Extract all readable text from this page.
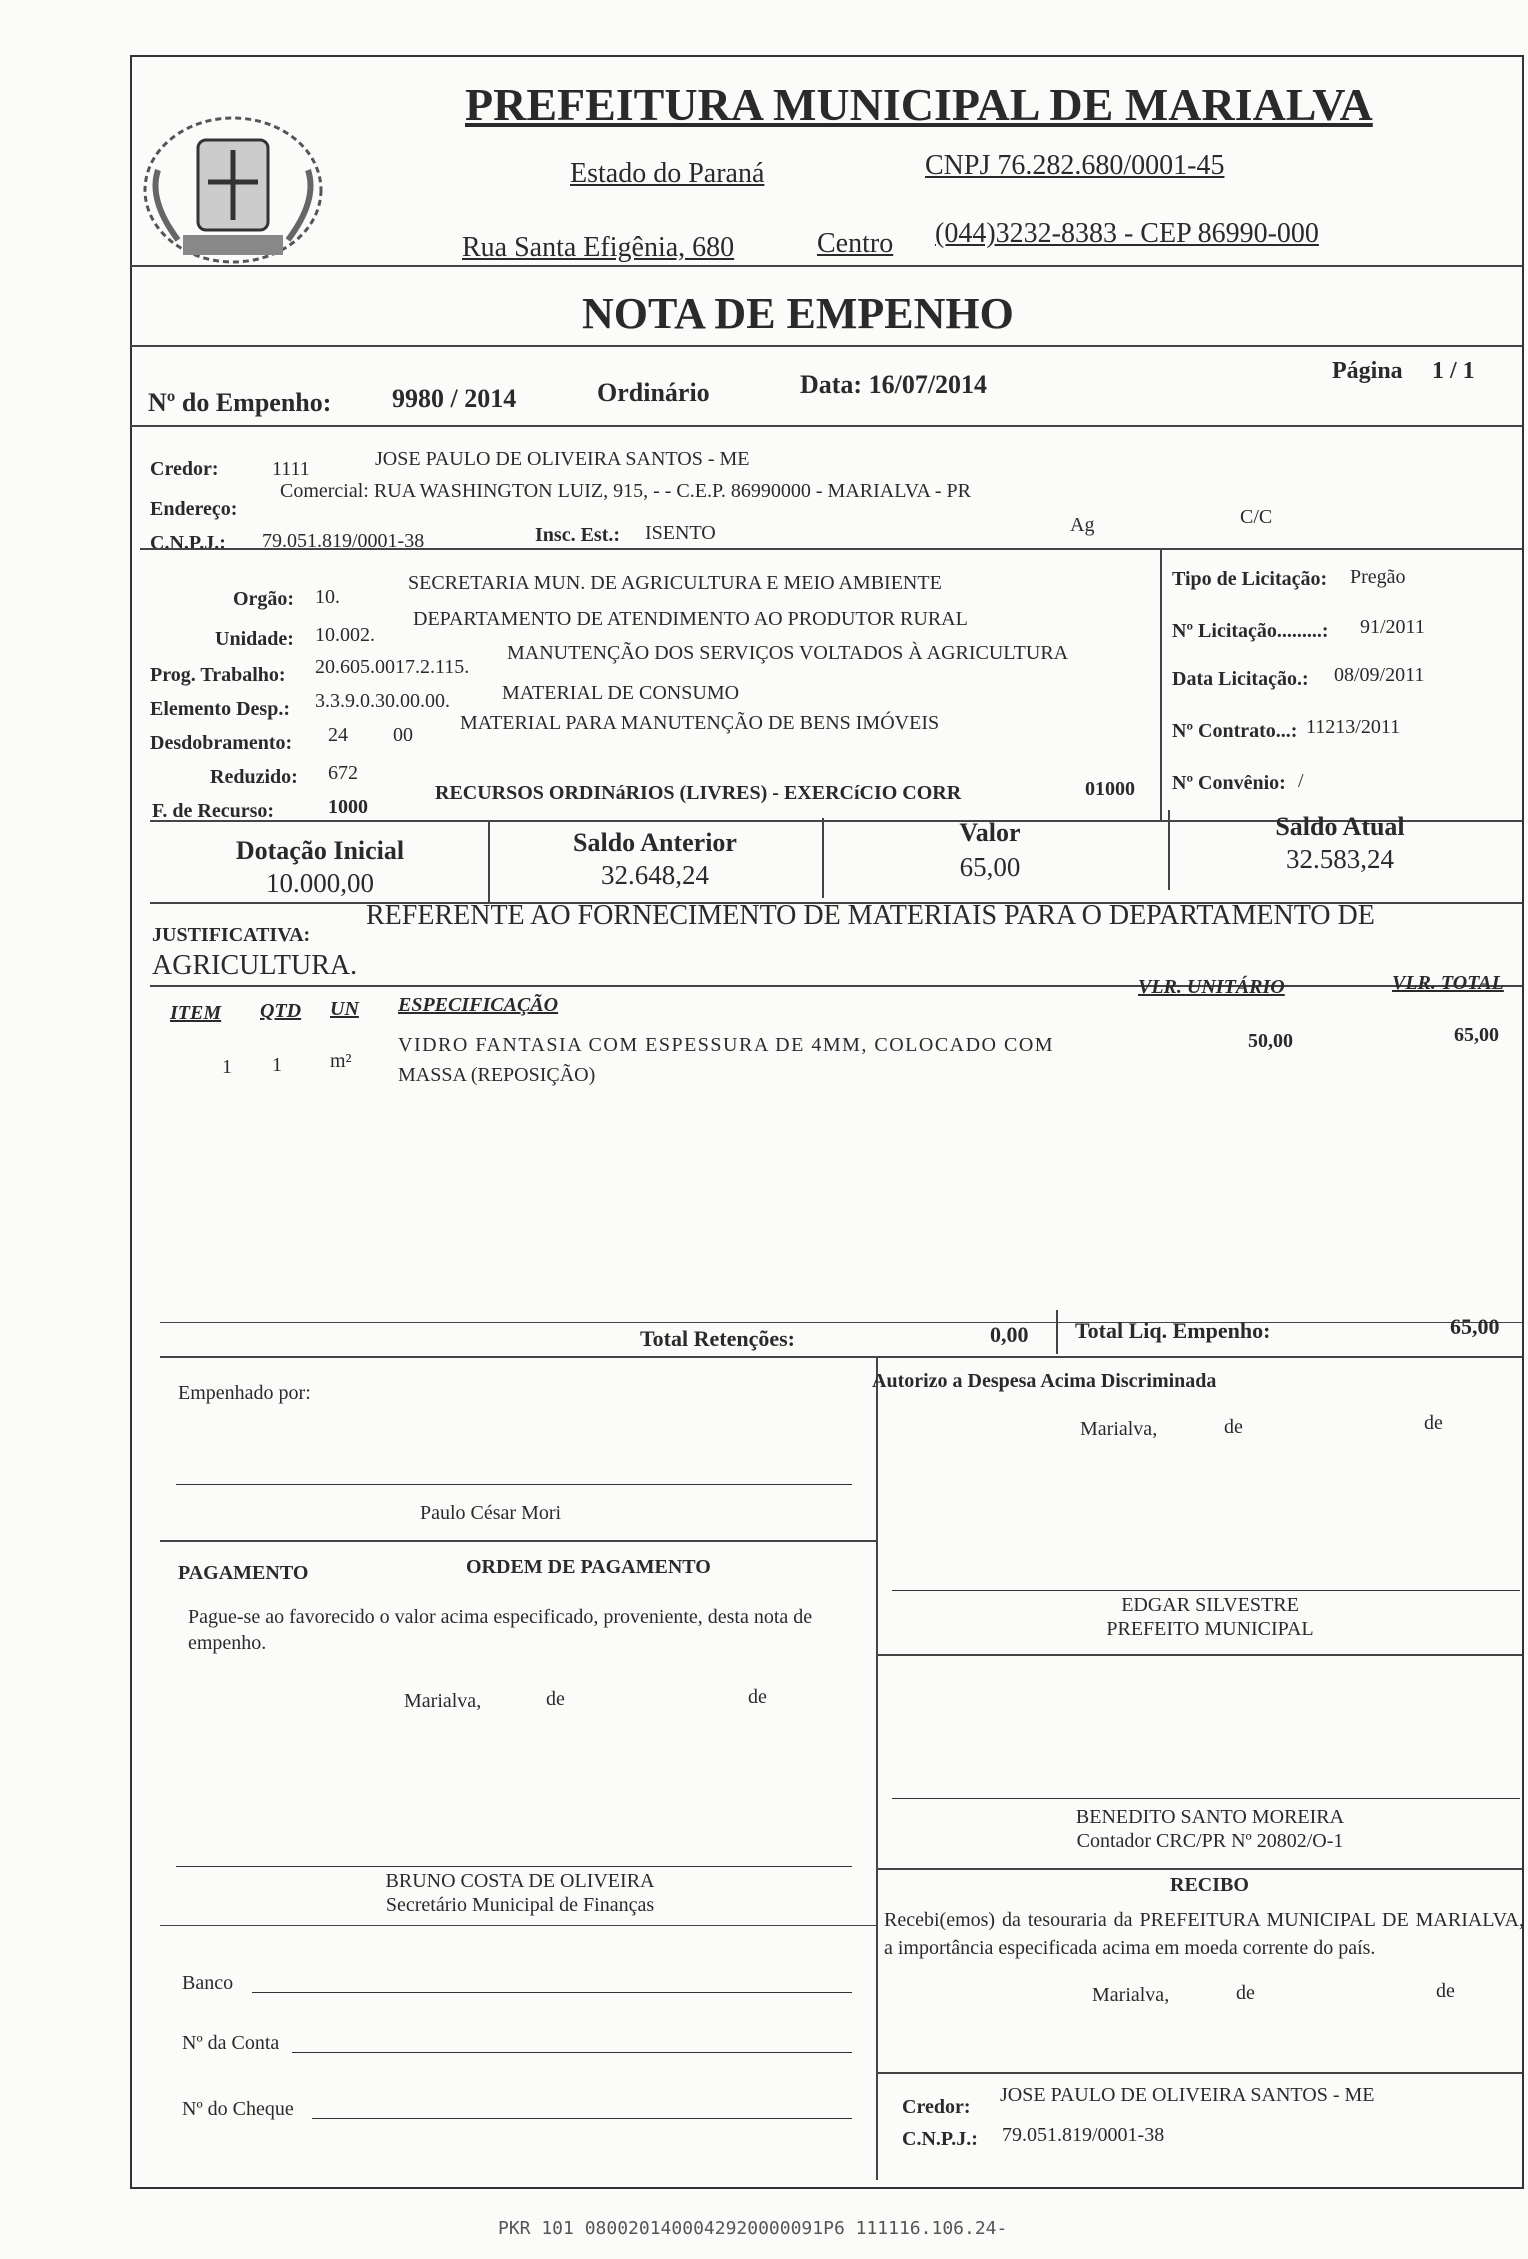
PREFEITURA MUNICIPAL DE MARIALVA
Estado do Paraná	CNPJ 76.282.680/0001-45
Rua Santa Efigênia, 680	Centro (044)3232-8383 - CEP 86990-000
NOTA DE EMPENHO
Nº do Empenho: 9980 / 2014	Ordinário	Data: 16/07/2014	Página 1 / 1
Credor:	1111	JOSE PAULO DE OLIVEIRA SANTOS - ME
Endereço:
Comercial: RUA WASHINGTON LUIZ, 915, - - C.E.P. 86990000 - MARIALVA - PR
C.N.P.J.: 79.051.819/0001-38	Insc. Est.: ISENTO	Ag	C/C
Orgão: 10.
SECRETARIA MUN. DE AGRICULTURA E MEIO AMBIENTE
Unidade: 10.002.
DEPARTAMENTO DE ATENDIMENTO AO PRODUTOR RURAL
Prog. Trabalho: 20.605.0017.2.115.
MANUTENÇÃO DOS SERVIÇOS VOLTADOS À AGRICULTURA
Elemento Desp.: 3.3.9.0.30.00.00.	MATERIAL DE CONSUMO
Desdobramento: 24 00
MATERIAL PARA MANUTENÇÃO DE BENS IMÓVEIS
Reduzido: 672
F. de Recurso:	1000
RECURSOS ORDINáRIOS (LIVRES) - EXERCíCIO CORR	01000
Tipo de Licitação: Pregão
Nº Licitação.........: 91/2011
Data Licitação.: 08/09/2011
Nº Contrato...: 11213/2011
Nº Convênio: /
Dotação Inicial
10.000,00
Saldo Anterior
32.648,24
Valor
65,00
Saldo Atual
32.583,24
JUSTIFICATIVA:
REFERENTE AO FORNECIMENTO DE MATERIAIS PARA O DEPARTAMENTO DE
AGRICULTURA.
ITEM QTD UN ESPECIFICAÇÃO
VLR. UNITÁRIO	VLR. TOTAL
1 1 m²
VIDRO FANTASIA COM ESPESSURA DE 4MM, COLOCADO COM
MASSA (REPOSIÇÃO)
50,00	65,00
Total Retenções:	0,00 Total Liq. Empenho:	65,00
Empenhado por:
Paulo César Mori
Autorizo a Despesa Acima Discriminada
Marialva,	de	de
EDGAR SILVESTRE
PREFEITO MUNICIPAL
PAGAMENTO	ORDEM DE PAGAMENTO
Pague-se ao favorecido o valor acima especificado, proveniente, desta nota de empenho.
Marialva,	de	de
BENEDITO SANTO MOREIRA
Contador CRC/PR Nº 20802/O-1
BRUNO COSTA DE OLIVEIRA
Secretário Municipal de Finanças
RECIBO
Recebi(emos) da tesouraria da PREFEITURA MUNICIPAL DE MARIALVA, a importância especificada acima em moeda corrente do país.
Marialva,	de	de
Banco
Nº da Conta
Nº do Cheque	Credor:
JOSE PAULO DE OLIVEIRA SANTOS - ME
C.N.P.J.: 79.051.819/0001-38
PKR 101 0800201400042920000091P6 111116.106.24-
